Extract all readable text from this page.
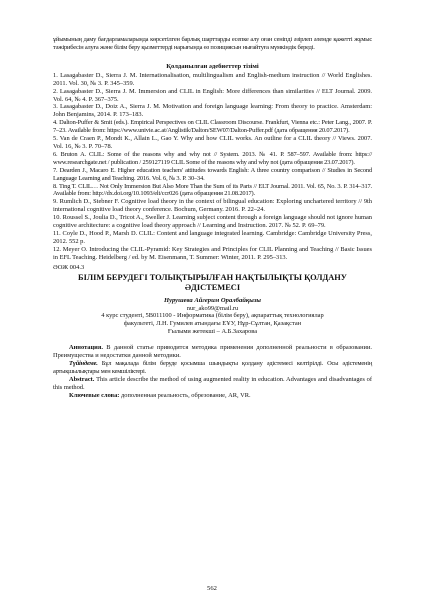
ұйымының даму бағдарламаларында көрсетілген барлық шарттарды есепке алу оған сеніпді әзірлеп әлемде қажетті жұмыс тәжірибесін алуға және білім беру қызметтерді нарығында өз позициясын нығайтуға мүмкіндік береді.

Қолданылған әдебиеттер тізімі
1. Lasagabaster D., Sierra J. M. Internationalisation, multilingualism and English-medium instruction // World Englishes. 2011. Vol. 30, № 3. P. 345–359.
2. Lasagabaster D., Sierra J. M. Immersion and CLIL in English: More differences than similarities // ELT Journal. 2009. Vol. 64, № 4. P. 367–375.
3. Lasagabaster D., Doiz A., Sierra J. M. Motivation and foreign language learning: From theory to practice. Amsterdam: John Benjamins, 2014. P. 173–183.
4. Dalton-Puffer & Smit (eds.). Empirical Perspectives on CLIL Classroom Discourse. Frankfurt, Vienna etc.: Peter Lang., 2007. P. 7–23. Available from: https://www.univie.ac.at/Anglistik/Dalton/SEW07/Dalton-Puffer.pdf (дата обращения 20.07.2017).
5. Van de Craen P., Mondt K., Allain L., Gao Y. Why and how CLIL works. An outline for a CLIL theory // Views. 2007. Vol. 16, № 3. P. 70–78.
6. Bruton A. CLIL: Some of the reasons why and why not // System. 2013. № 41. P. 587–597. Available from: https:// www.researchgate.net / publication / 259127119 CLIL Some of the reasons why and why not (дата обращения 23.07.2017).
7. Dearden J., Macaro E. Higher education teachers' attitudes towards English: A three country comparison // Studies in Second Language Learning and Teaching. 2016. Vol. 6, № 3. P. 30–34.
8. Ting T. CLIL… Not Only Immersion But Also More Than the Sum of its Parts // ELT Journal. 2011. Vol. 65, No. 3. P. 314–317. Available from: http://dx.doi.org/10.1093/elt/ccr026 (дата обращения 21.08.2017).
9. Rumlich D., Stebner F. Cognitive load theory in the context of bilingual education: Exploring unchartered territory // 9th international cognitive load theory conference. Bochum, Germany. 2016. P. 22–24.
10. Roussel S., Joulia D., Tricot A., Sweller J. Learning subject content through a foreign language should not ignore human cognitive architecture: a cognitive load theory approach // Learning and Instruction. 2017. № 52. P. 69–79.
11. Coyle D., Hood P., Marsh D. CLIL: Content and language integrated learning. Cambridge: Cambridge University Press, 2012. 552 p.
12. Meyer O. Introducing the CLIL-Pyramid: Key Strategies and Principles for CLIL Planning and Teaching // Basic Issues in EFL Teaching. Heidelberg / ed. by M. Eisenmann, T. Summer: Winter, 2011. P. 295–313.
ӘОЖ 004.3
БІЛІМ БЕРУДЕГІ ТОЛЫҚТЫРЫЛҒАН НАҚТЫЛЫҚТЫ ҚОЛДАНУ ӘДІСТЕМЕСІ
Нурушева Айгерим Оралбайқызы
nur_ako99@mail.ru
4 курс студенті, 5В011100 - Информатика (білім беру), ақпараттық технологиялар
факультеті, Л.Н. Гумилев атындағы ЕҰУ, Нұр-Сұлтан, Қазақстан
Ғылыми жетекші – А.Б.Захарова

Аннотация. В данной статье приводится методика применения дополненной реальности в образовании. Преимущества и недостатки данной методики.

Түйіндеме. Бұл мақалада білім беруде қосымша шындықты қолдану әдістемесі келтірілді. Осы әдістеменің артықшылықтары мен кемшіліктері.

Abstract. This article describe the method of using augmented reality in education. Advantages and disadvantages of this method.

Ключевые слова: дополненная реальность, обрезование, AR, VR.

562
